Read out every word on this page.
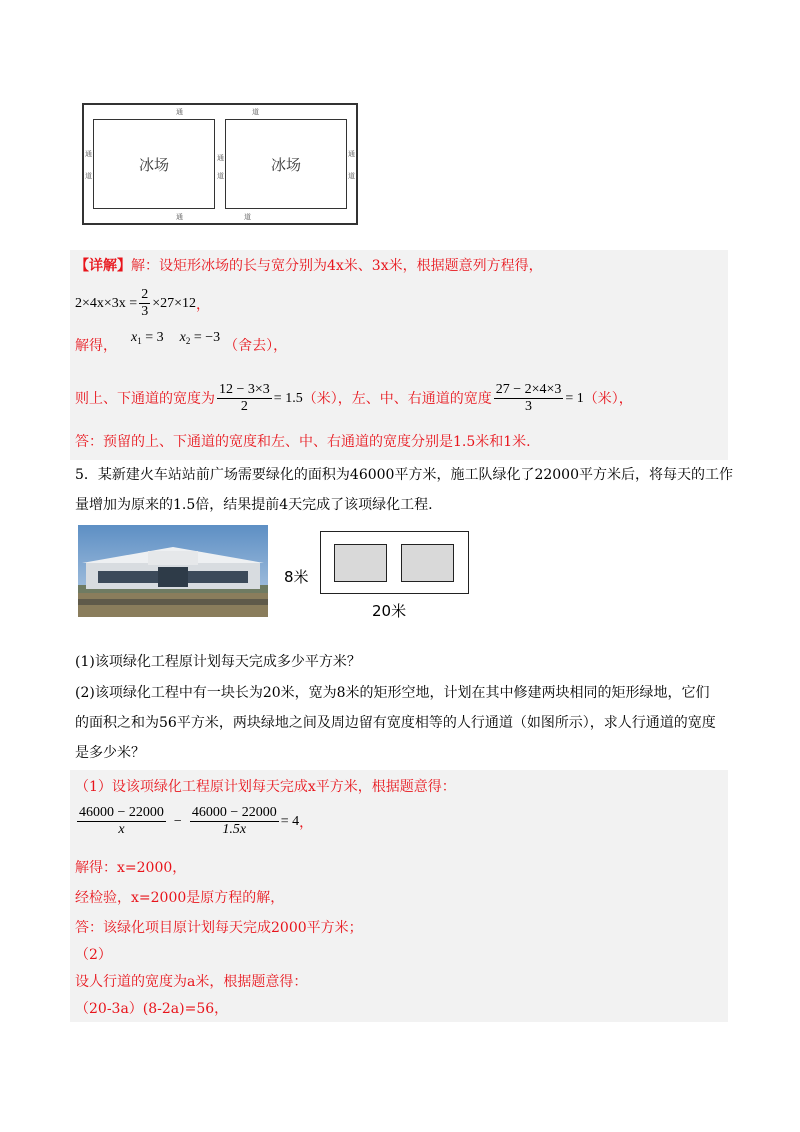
冰场	冰场
通	道
通	道
通
道
通
道
通
道
【详解】解：设矩形冰场的长与宽分别为4x米、3x米，根据题意列方程得，
$2\times 4x\times 3x = \frac{2}{3} \times 27\times 12$ ，
解得， $x_1 = 3$ $x_2 = -3$ （舍去），
则上、下通道的宽度为 $\frac{12 - 3\times 3}{2} = 1.5$ （米），左、中、右通道的宽度 $\frac{27 - 2\times 4\times 3}{3} = 1$ （米），
答：预留的上、下通道的宽度和左、中、右通道的宽度分别是1.5米和1米.
5．某新建火车站站前广场需要绿化的面积为46000平方米，施工队绿化了22000平方米后，将每天的工作
量增加为原来的1.5倍，结果提前4天完成了该项绿化工程.
8米
20米
(1)该项绿化工程原计划每天完成多少平方米？
(2)该项绿化工程中有一块长为20米，宽为8米的矩形空地，计划在其中修建两块相同的矩形绿地，它们
的面积之和为56平方米，两块绿地之间及周边留有宽度相等的人行通道（如图所示），求人行通道的宽度
是多少米？
（1）设该项绿化工程原计划每天完成x平方米，根据题意得：
$\frac{46000 - 22000}{x} - \frac{46000 - 22000}{1.5x} = 4$ ，
解得：x=2000，
经检验，x=2000是原方程的解，
答：该绿化项目原计划每天完成2000平方米；
（2）
设人行道的宽度为a米，根据题意得：
（20-3a）(8-2a)=56，
